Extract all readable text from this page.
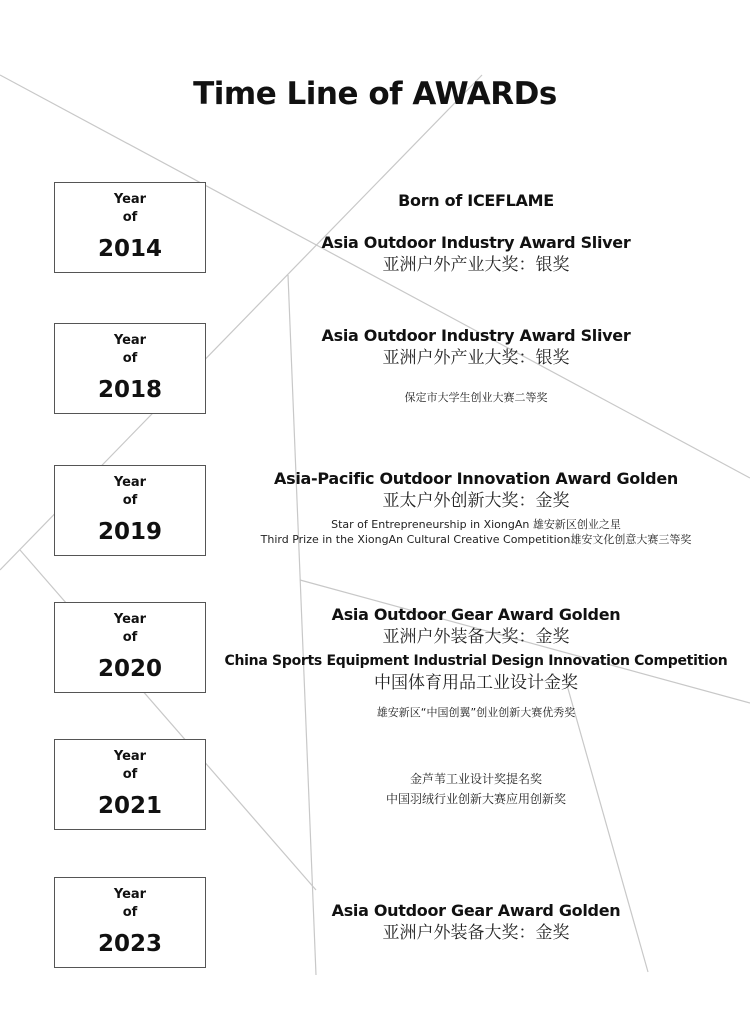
Time Line of AWARDs
Year
of
2014
Year
of
2018
Year
of
2019
Year
of
2020
Year
of
2021
Year
of
2023
Born of ICEFLAME
Asia Outdoor Industry Award Sliver
亚洲户外产业大奖：银奖
Asia Outdoor Industry Award Sliver
亚洲户外产业大奖：银奖
保定市大学生创业大赛二等奖
Asia-Pacific Outdoor Innovation Award Golden
亚太户外创新大奖：金奖
Star of Entrepreneurship in XiongAn 雄安新区创业之星
Third Prize in the XiongAn Cultural Creative Competition雄安文化创意大赛三等奖
Asia Outdoor Gear Award Golden
亚洲户外装备大奖：金奖
China Sports Equipment Industrial Design Innovation Competition
中国体育用品工业设计金奖
雄安新区“中国创翼”创业创新大赛优秀奖
金芦苇工业设计奖提名奖
中国羽绒行业创新大赛应用创新奖
Asia Outdoor Gear Award Golden
亚洲户外装备大奖：金奖
